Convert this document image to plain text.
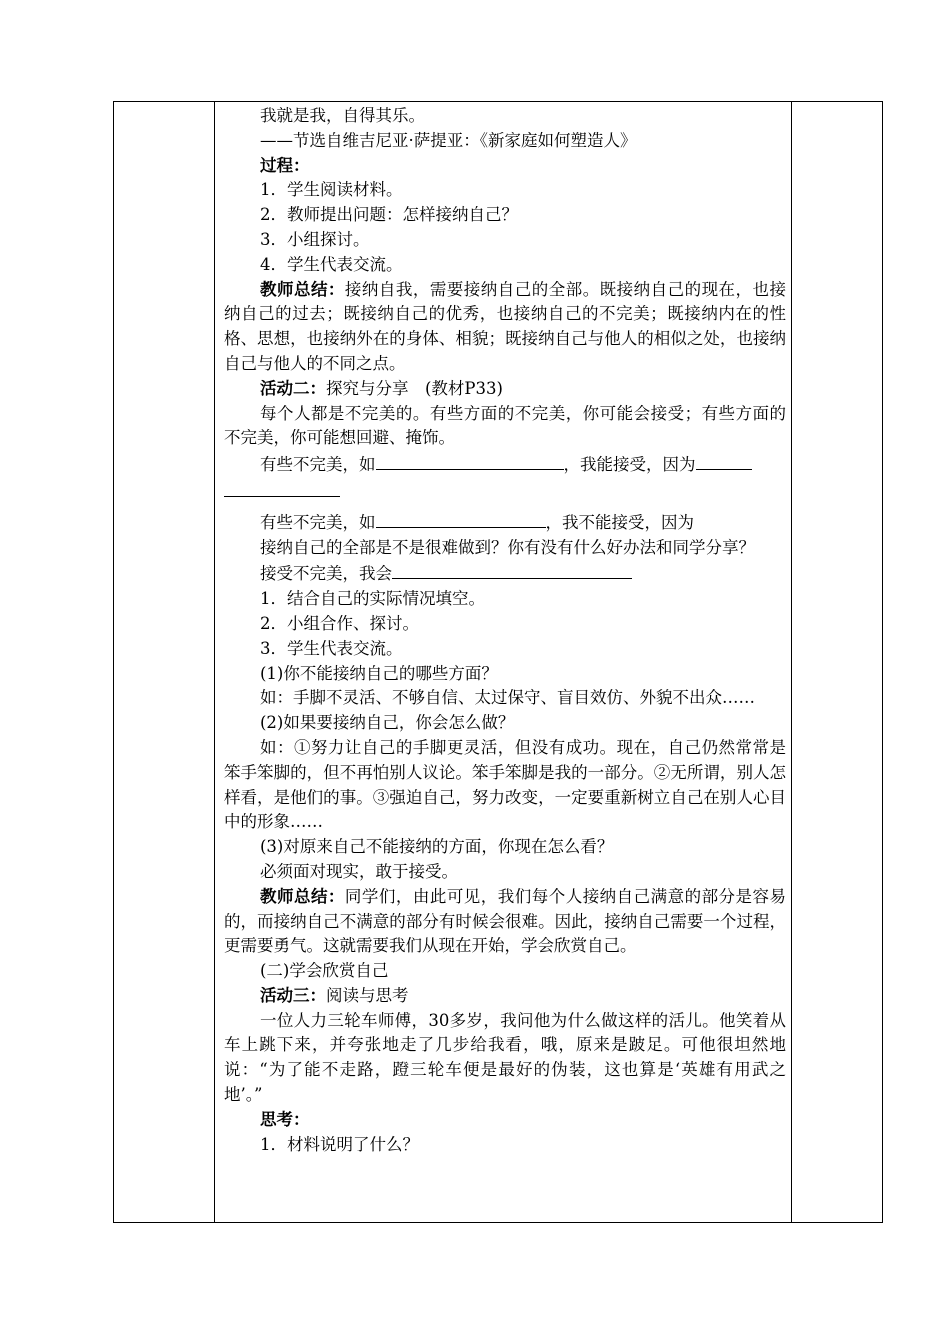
我就是我，自得其乐。

——节选自维吉尼亚·萨提亚：《新家庭如何塑造人》

过程：

1．学生阅读材料。

2．教师提出问题：怎样接纳自己？

3．小组探讨。

4．学生代表交流。

教师总结：接纳自我，需要接纳自己的全部。既接纳自己的现在，也接纳自己的过去；既接纳自己的优秀，也接纳自己的不完美；既接纳内在的性格、思想，也接纳外在的身体、相貌；既接纳自己与他人的相似之处，也接纳自己与他人的不同之点。

活动二：探究与分享　(教材P33)

每个人都是不完美的。有些方面的不完美，你可能会接受；有些方面的不完美，你可能想回避、掩饰。

有些不完美，如	，我能接受，因为

有些不完美，如	，我不能接受，因为

接纳自己的全部是不是很难做到？你有没有什么好办法和同学分享？

接受不完美，我会

1．结合自己的实际情况填空。

2．小组合作、探讨。

3．学生代表交流。

(1)你不能接纳自己的哪些方面？

如：手脚不灵活、不够自信、太过保守、盲目效仿、外貌不出众……

(2)如果要接纳自己，你会怎么做？

如：①努力让自己的手脚更灵活，但没有成功。现在，自己仍然常常是笨手笨脚的，但不再怕别人议论。笨手笨脚是我的一部分。②无所谓，别人怎样看，是他们的事。③强迫自己，努力改变，一定要重新树立自己在别人心目中的形象……

(3)对原来自己不能接纳的方面，你现在怎么看？

必须面对现实，敢于接受。

教师总结：同学们，由此可见，我们每个人接纳自己满意的部分是容易的，而接纳自己不满意的部分有时候会很难。因此，接纳自己需要一个过程，更需要勇气。这就需要我们从现在开始，学会欣赏自己。

(二)学会欣赏自己

活动三：阅读与思考

一位人力三轮车师傅，30多岁，我问他为什么做这样的活儿。他笑着从车上跳下来，并夸张地走了几步给我看，哦，原来是跛足。可他很坦然地说：“为了能不走路，蹬三轮车便是最好的伪装，这也算是‘英雄有用武之地’。”

思考：

1．材料说明了什么？
